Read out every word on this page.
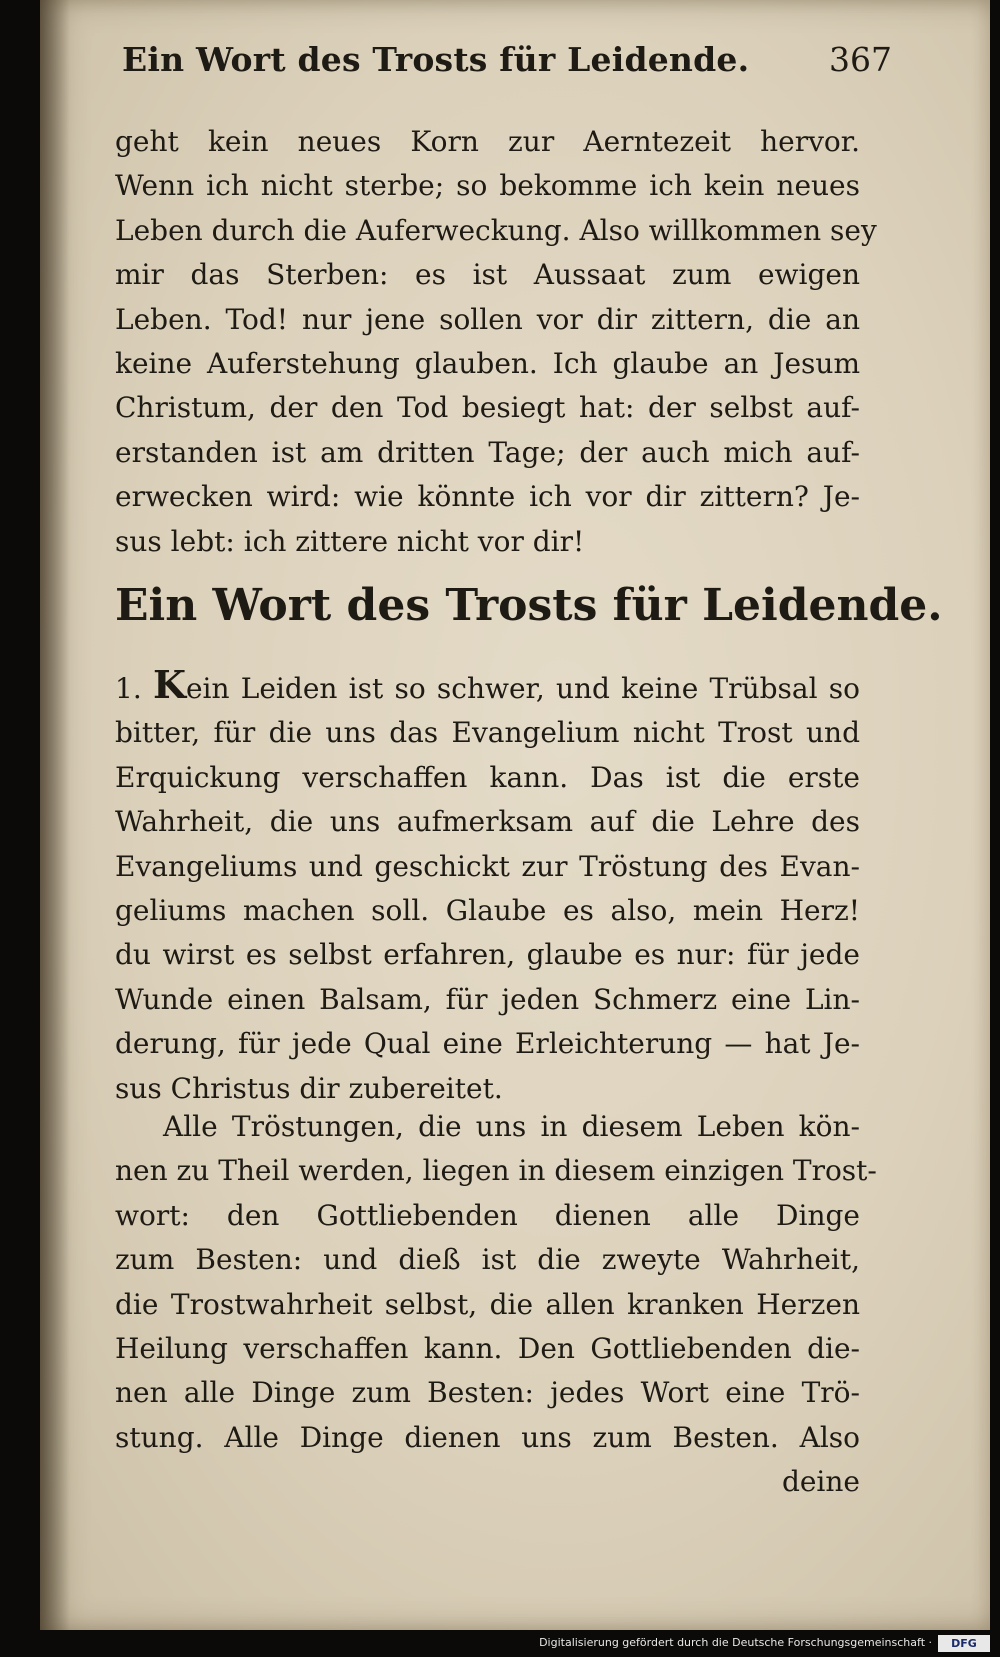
Ein Wort des Trosts für Leidende. 367
geht kein neues Korn zur Aerntezeit hervor.
Wenn ich nicht sterbe; so bekomme ich kein neues
Leben durch die Auferweckung. Also willkommen sey
mir das Sterben: es ist Aussaat zum ewigen
Leben. Tod! nur jene sollen vor dir zittern, die an
keine Auferstehung glauben. Ich glaube an Jesum
Christum, der den Tod besiegt hat: der selbst auf-
erstanden ist am dritten Tage; der auch mich auf-
erwecken wird: wie könnte ich vor dir zittern? Je-
sus lebt: ich zittere nicht vor dir!
Ein Wort des Trosts für Leidende.
1. Kein Leiden ist so schwer, und keine Trübsal so
bitter, für die uns das Evangelium nicht Trost und
Erquickung verschaffen kann. Das ist die erste
Wahrheit, die uns aufmerksam auf die Lehre des
Evangeliums und geschickt zur Tröstung des Evan-
geliums machen soll. Glaube es also, mein Herz!
du wirst es selbst erfahren, glaube es nur: für jede
Wunde einen Balsam, für jeden Schmerz eine Lin-
derung, für jede Qual eine Erleichterung — hat Je-
sus Christus dir zubereitet.
Alle Tröstungen, die uns in diesem Leben kön-
nen zu Theil werden, liegen in diesem einzigen Trost-
wort: den Gottliebenden dienen alle Dinge
zum Besten: und dieß ist die zweyte Wahrheit,
die Trostwahrheit selbst, die allen kranken Herzen
Heilung verschaffen kann. Den Gottliebenden die-
nen alle Dinge zum Besten: jedes Wort eine Trö-
stung. Alle Dinge dienen uns zum Besten. Also
deine
Digitalisierung gefördert durch die Deutsche Forschungsgemeinschaft ·	DFG
